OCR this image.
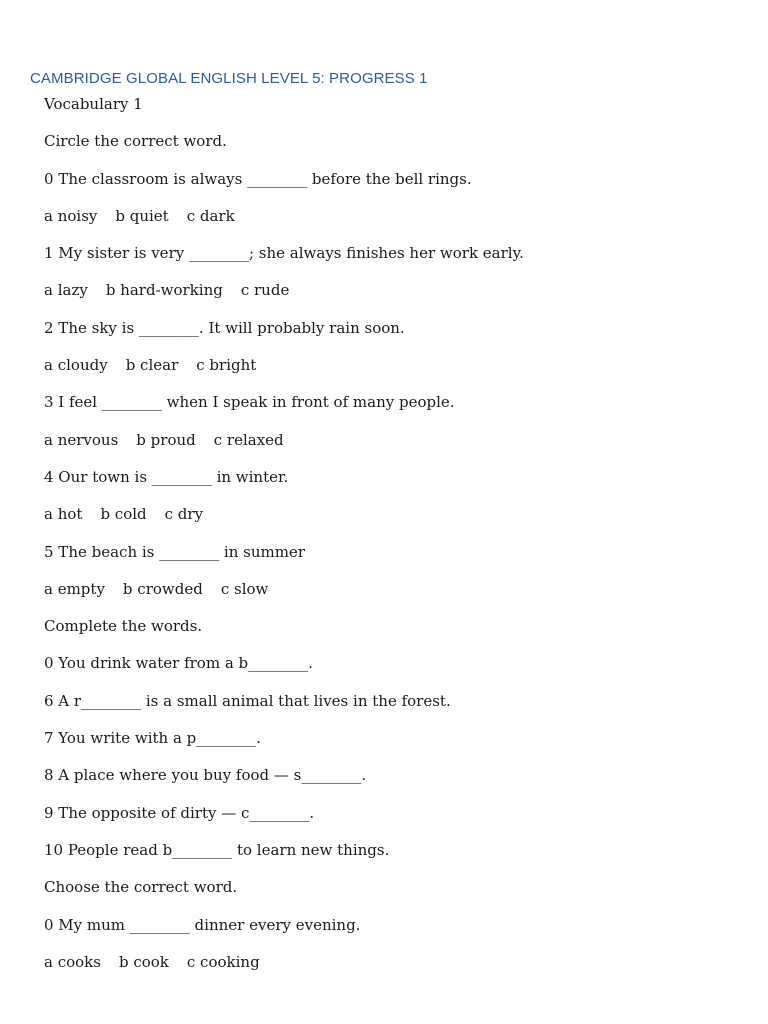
CAMBRIDGE GLOBAL ENGLISH LEVEL 5: PROGRESS 1
Vocabulary 1
Circle the correct word.
0 The classroom is always ________ before the bell rings.
a noisy b quiet c dark
1 My sister is very ________; she always finishes her work early.
a lazy b hard-working c rude
2 The sky is ________. It will probably rain soon.
a cloudy b clear c bright
3 I feel ________ when I speak in front of many people.
a nervous b proud c relaxed
4 Our town is ________ in winter.
a hot b cold c dry
5 The beach is ________ in summer
a empty b crowded c slow
Complete the words.
0 You drink water from a b________.
6 A r________ is a small animal that lives in the forest.
7 You write with a p________.
8 A place where you buy food — s________.
9 The opposite of dirty — c________.
10 People read b________ to learn new things.
Choose the correct word.
0 My mum ________ dinner every evening.
a cooks b cook c cooking
